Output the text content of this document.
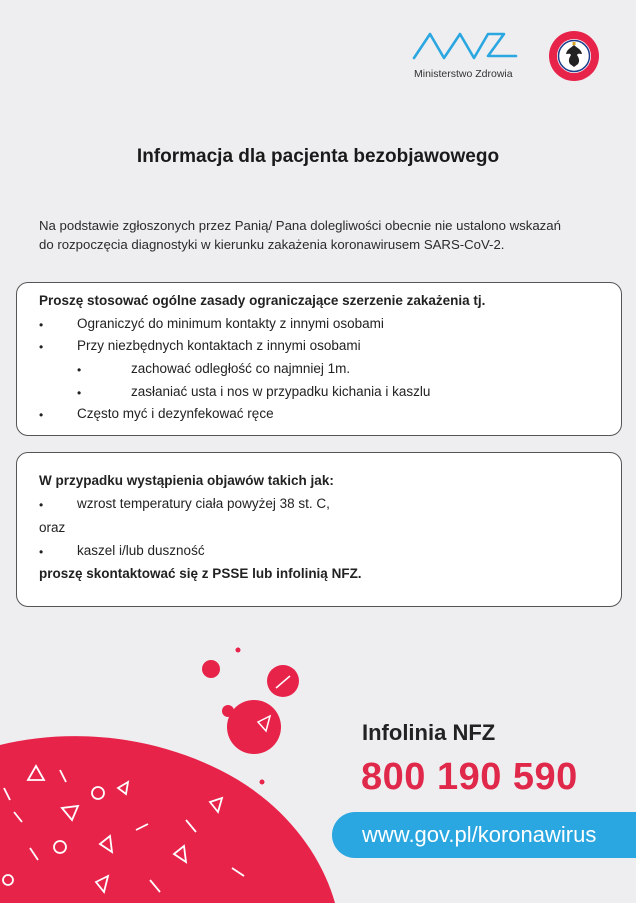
Ministerstwo Zdrowia
Informacja dla pacjenta bezobjawowego
Na podstawie zgłoszonych przez Panią/ Pana dolegliwości obecnie nie ustalono wskazań
do rozpoczęcia diagnostyki w kierunku zakażenia koronawirusem SARS-CoV-2.
Proszę stosować ogólne zasady ograniczające szerzenie zakażenia tj.
•	Ograniczyć do minimum kontakty z innymi osobami
•	Przy niezbędnych kontaktach z innymi osobami
•	zachować odległość co najmniej 1m.
•	zasłaniać usta i nos w przypadku kichania i kaszlu
•	Często myć i dezynfekować ręce
W przypadku wystąpienia objawów takich jak:
•	wzrost temperatury ciała powyżej 38 st. C,
oraz
•	kaszel i/lub duszność
proszę skontaktować się z PSSE lub infolinią NFZ.
Infolinia NFZ
800 190 590
www.gov.pl/koronawirus
